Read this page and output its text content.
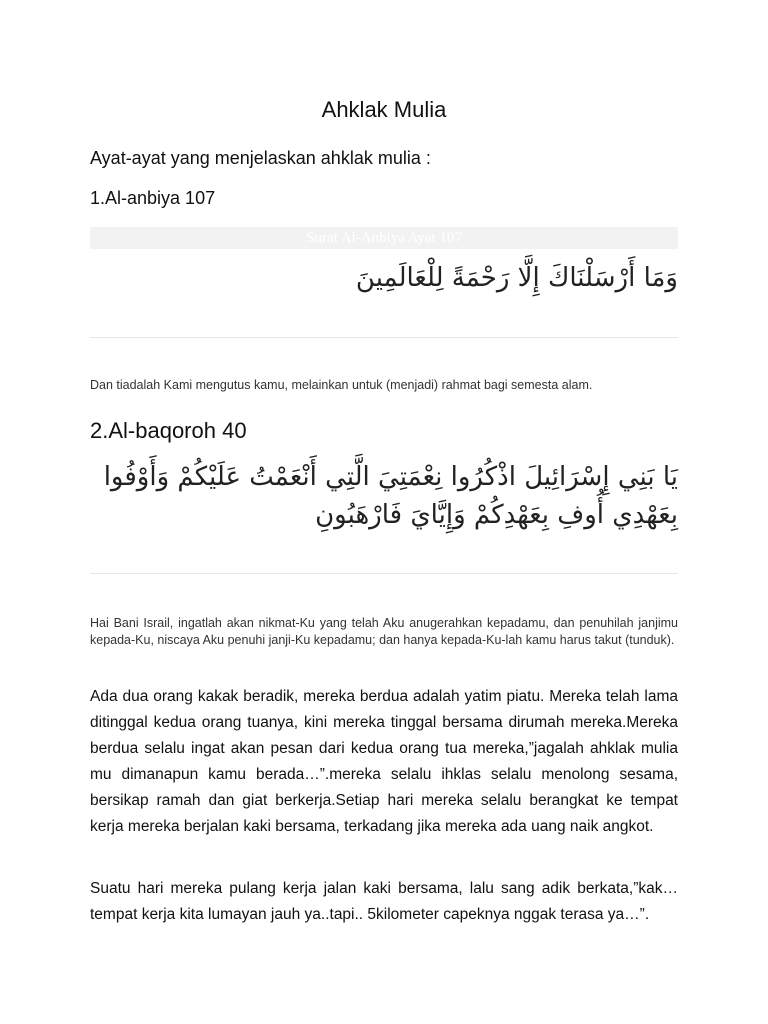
Ahklak Mulia
Ayat-ayat yang menjelaskan ahklak mulia :
1.Al-anbiya 107
Surat Al-Anbiya Ayat 107
وَمَا أَرْسَلْنَاكَ إِلَّا رَحْمَةً لِلْعَالَمِينَ
Dan tiadalah Kami mengutus kamu, melainkan untuk (menjadi) rahmat bagi semesta alam.
2.Al-baqoroh 40
يَا بَنِي إِسْرَائِيلَ اذْكُرُوا نِعْمَتِيَ الَّتِي أَنْعَمْتُ عَلَيْكُمْ وَأَوْفُوا بِعَهْدِي أُوفِ بِعَهْدِكُمْ وَإِيَّايَ فَارْهَبُونِ
Hai Bani Israil, ingatlah akan nikmat-Ku yang telah Aku anugerahkan kepadamu, dan penuhilah janjimu kepada-Ku, niscaya Aku penuhi janji-Ku kepadamu; dan hanya kepada-Ku-lah kamu harus takut (tunduk).
Ada dua orang kakak beradik, mereka berdua adalah yatim piatu. Mereka telah lama ditinggal kedua orang tuanya, kini mereka tinggal bersama dirumah mereka.Mereka berdua selalu ingat akan pesan dari kedua orang tua mereka,”jagalah ahklak mulia mu dimanapun kamu berada…”.mereka selalu ihklas selalu menolong sesama, bersikap ramah dan giat berkerja.Setiap hari mereka selalu berangkat ke tempat kerja mereka berjalan kaki bersama, terkadang jika mereka ada uang naik angkot.
Suatu hari mereka pulang kerja jalan kaki bersama, lalu sang adik berkata,”kak… tempat kerja kita lumayan jauh ya..tapi.. 5kilometer capeknya nggak terasa ya…”.
